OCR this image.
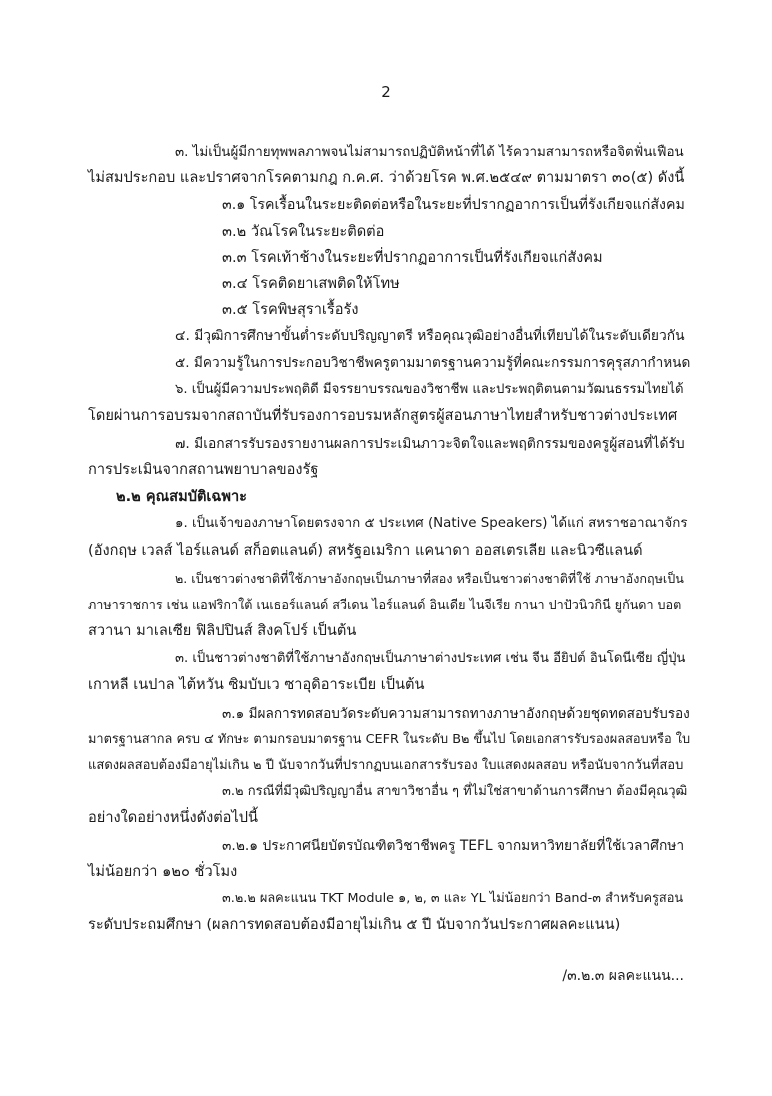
2
๓. ไม่เป็นผู้มีกายทุพพลภาพจนไม่สามารถปฏิบัติหน้าที่ได้ ไร้ความสามารถหรือจิตฟั่นเฟือน
ไม่สมประกอบ และปราศจากโรคตามกฎ ก.ค.ศ. ว่าด้วยโรค พ.ศ.๒๕๔๙ ตามมาตรา ๓๐(๕) ดังนี้
๓.๑ โรคเรื้อนในระยะติดต่อหรือในระยะที่ปรากฏอาการเป็นที่รังเกียจแก่สังคม
๓.๒ วัณโรคในระยะติดต่อ
๓.๓ โรคเท้าช้างในระยะที่ปรากฏอาการเป็นที่รังเกียจแก่สังคม
๓.๔ โรคติดยาเสพติดให้โทษ
๓.๕ โรคพิษสุราเรื้อรัง
๔. มีวุฒิการศึกษาขั้นต่ำระดับปริญญาตรี หรือคุณวุฒิอย่างอื่นที่เทียบได้ในระดับเดียวกัน
๕. มีความรู้ในการประกอบวิชาชีพครูตามมาตรฐานความรู้ที่คณะกรรมการคุรุสภากำหนด
๖. เป็นผู้มีความประพฤติดี มีจรรยาบรรณของวิชาชีพ และประพฤติตนตามวัฒนธรรมไทยได้
โดยผ่านการอบรมจากสถาบันที่รับรองการอบรมหลักสูตรผู้สอนภาษาไทยสำหรับชาวต่างประเทศ
๗. มีเอกสารรับรองรายงานผลการประเมินภาวะจิตใจและพฤติกรรมของครูผู้สอนที่ได้รับ
การประเมินจากสถานพยาบาลของรัฐ
๒.๒ คุณสมบัติเฉพาะ
๑. เป็นเจ้าของภาษาโดยตรงจาก ๕ ประเทศ (Native Speakers) ได้แก่ สหราชอาณาจักร
(อังกฤษ เวลส์ ไอร์แลนด์ สก็อตแลนด์) สหรัฐอเมริกา แคนาดา ออสเตรเลีย และนิวซีแลนด์
๒. เป็นชาวต่างชาติที่ใช้ภาษาอังกฤษเป็นภาษาที่สอง หรือเป็นชาวต่างชาติที่ใช้ ภาษาอังกฤษเป็น
ภาษาราชการ เช่น แอฟริกาใต้ เนเธอร์แลนด์ สวีเดน ไอร์แลนด์ อินเดีย ไนจีเรีย กานา ปาปัวนิวกินี ยูกันดา บอต
สวานา มาเลเซีย ฟิลิปปินส์ สิงคโปร์ เป็นต้น
๓. เป็นชาวต่างชาติที่ใช้ภาษาอังกฤษเป็นภาษาต่างประเทศ เช่น จีน อียิปต์ อินโดนีเซีย ญี่ปุ่น
เกาหลี เนปาล ไต้หวัน ซิมบับเว ซาอุดิอาระเบีย เป็นต้น
๓.๑ มีผลการทดสอบวัดระดับความสามารถทางภาษาอังกฤษด้วยชุดทดสอบรับรอง
มาตรฐานสากล ครบ ๔ ทักษะ ตามกรอบมาตรฐาน CEFR ในระดับ B๒ ขึ้นไป โดยเอกสารรับรองผลสอบหรือ ใบ
แสดงผลสอบต้องมีอายุไม่เกิน ๒ ปี นับจากวันที่ปรากฏบนเอกสารรับรอง ใบแสดงผลสอบ หรือนับจากวันที่สอบ
๓.๒ กรณีที่มีวุฒิปริญญาอื่น สาขาวิชาอื่น ๆ ที่ไม่ใช่สาขาด้านการศึกษา ต้องมีคุณวุฒิ
อย่างใดอย่างหนึ่งดังต่อไปนี้
๓.๒.๑ ประกาศนียบัตรบัณฑิตวิชาชีพครู TEFL จากมหาวิทยาลัยที่ใช้เวลาศึกษา
ไม่น้อยกว่า ๑๒๐ ชั่วโมง
๓.๒.๒ ผลคะแนน TKT Module ๑, ๒, ๓ และ YL ไม่น้อยกว่า Band-๓ สำหรับครูสอน
ระดับประถมศึกษา (ผลการทดสอบต้องมีอายุไม่เกิน ๕ ปี นับจากวันประกาศผลคะแนน)
/๓.๒.๓ ผลคะแนน...
